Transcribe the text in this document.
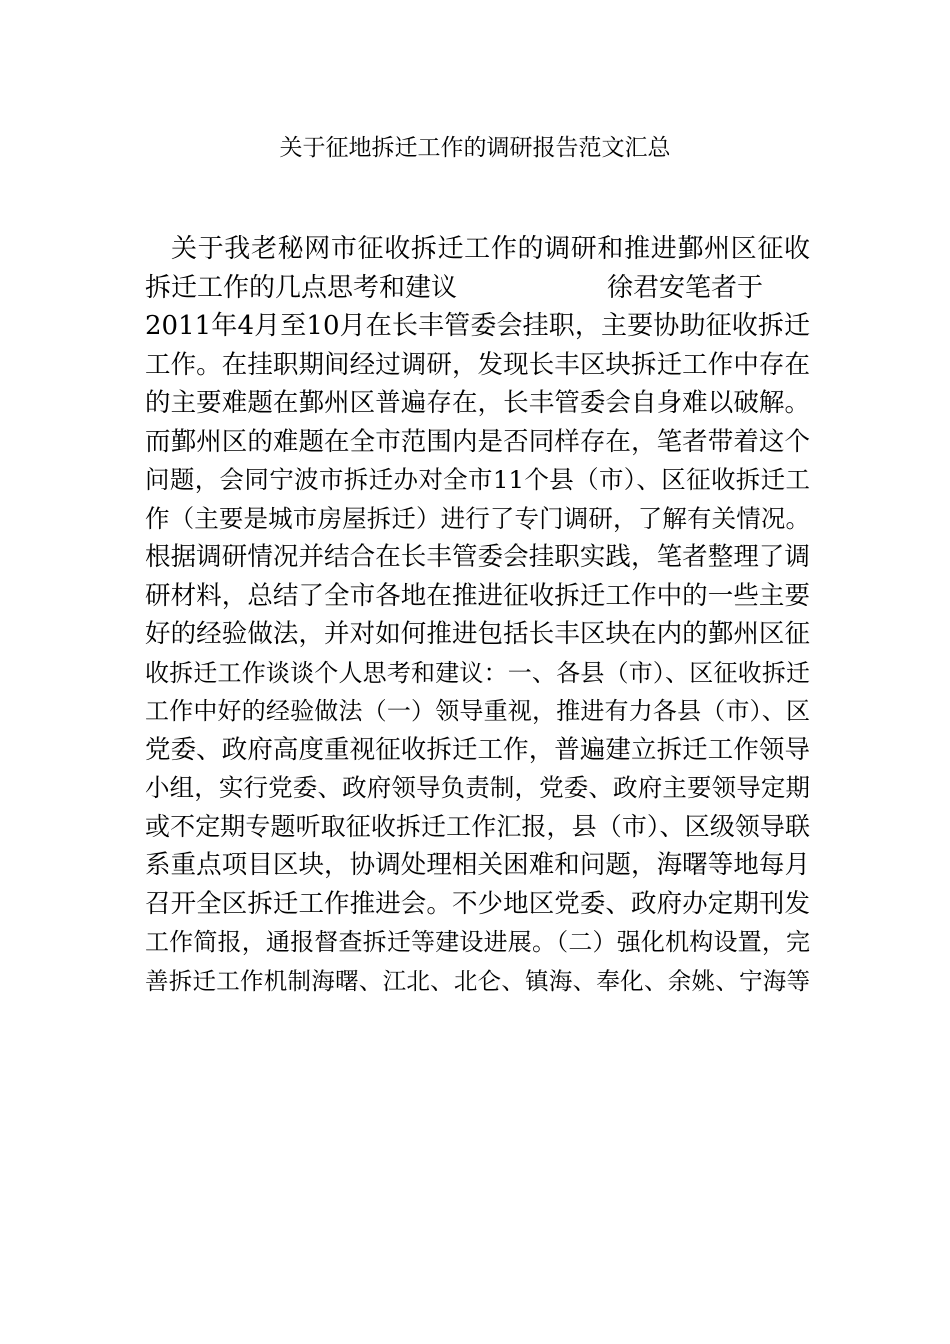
关于征地拆迁工作的调研报告范文汇总
关于我老秘网市征收拆迁工作的调研和推进鄞州区征收
拆迁工作的几点思考和建议	徐君安笔者于
2011年4月至10月在长丰管委会挂职，主要协助征收拆迁
工作。在挂职期间经过调研，发现长丰区块拆迁工作中存在
的主要难题在鄞州区普遍存在，长丰管委会自身难以破解。
而鄞州区的难题在全市范围内是否同样存在，笔者带着这个
问题，会同宁波市拆迁办对全市11个县（市）、区征收拆迁工
作（主要是城市房屋拆迁）进行了专门调研，了解有关情况。
根据调研情况并结合在长丰管委会挂职实践，笔者整理了调
研材料，总结了全市各地在推进征收拆迁工作中的一些主要
好的经验做法，并对如何推进包括长丰区块在内的鄞州区征
收拆迁工作谈谈个人思考和建议：一、各县（市）、区征收拆迁
工作中好的经验做法（一）领导重视，推进有力各县（市）、区
党委、政府高度重视征收拆迁工作，普遍建立拆迁工作领导
小组，实行党委、政府领导负责制，党委、政府主要领导定期
或不定期专题听取征收拆迁工作汇报，县（市）、区级领导联
系重点项目区块，协调处理相关困难和问题，海曙等地每月
召开全区拆迁工作推进会。不少地区党委、政府办定期刊发
工作简报，通报督查拆迁等建设进展。（二）强化机构设置，完
善拆迁工作机制海曙、江北、北仑、镇海、奉化、余姚、宁海等
